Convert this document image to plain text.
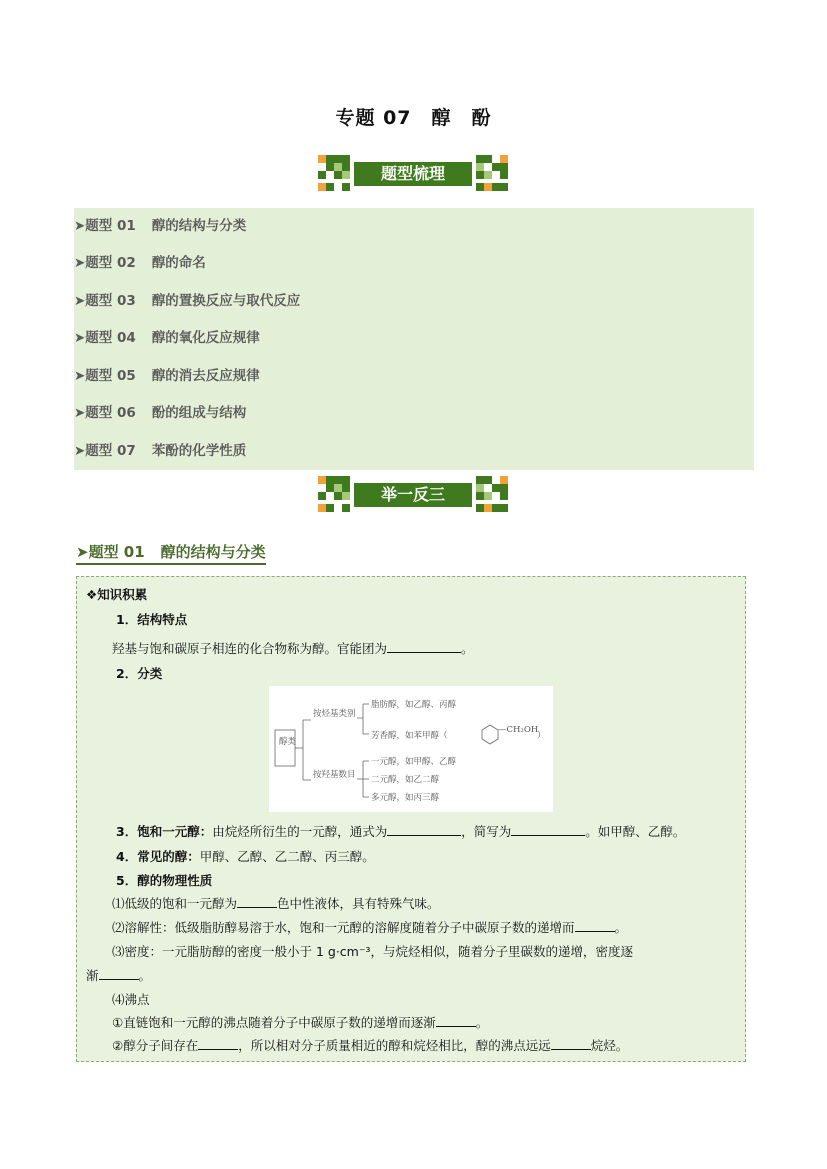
专题 07　醇　酚
题型梳理
➤题型 01 醇的结构与分类
➤题型 02 醇的命名
➤题型 03 醇的置换反应与取代反应
➤题型 04 醇的氧化反应规律
➤题型 05 醇的消去反应规律
➤题型 06 酚的组成与结构
➤题型 07 苯酚的化学性质
举一反三
➤题型 01 醇的结构与分类
❖知识积累
1．结构特点
羟基与饱和碳原子相连的化合物称为醇。官能团为	。
2．分类
醇类
按烃基类别
按羟基数目
脂肪醇，如乙醇、丙醇
芳香醇，如苯甲醇（
—CH₂OH
）
一元醇，如甲醇、乙醇
二元醇，如乙二醇
多元醇，如丙三醇
3．饱和一元醇：由烷烃所衍生的一元醇，通式为	，简写为	。如甲醇、乙醇。
4．常见的醇：甲醇、乙醇、乙二醇、丙三醇。
5．醇的物理性质
⑴低级的饱和一元醇为	色中性液体，具有特殊气味。
⑵溶解性：低级脂肪醇易溶于水，饱和一元醇的溶解度随着分子中碳原子数的递增而	。
⑶密度：一元脂肪醇的密度一般小于 1 g·cm⁻³，与烷烃相似，随着分子里碳数的递增，密度逐
渐	。
⑷沸点
①直链饱和一元醇的沸点随着分子中碳原子数的递增而逐渐	。
②醇分子间存在	，所以相对分子质量相近的醇和烷烃相比，醇的沸点远远	烷烃。
